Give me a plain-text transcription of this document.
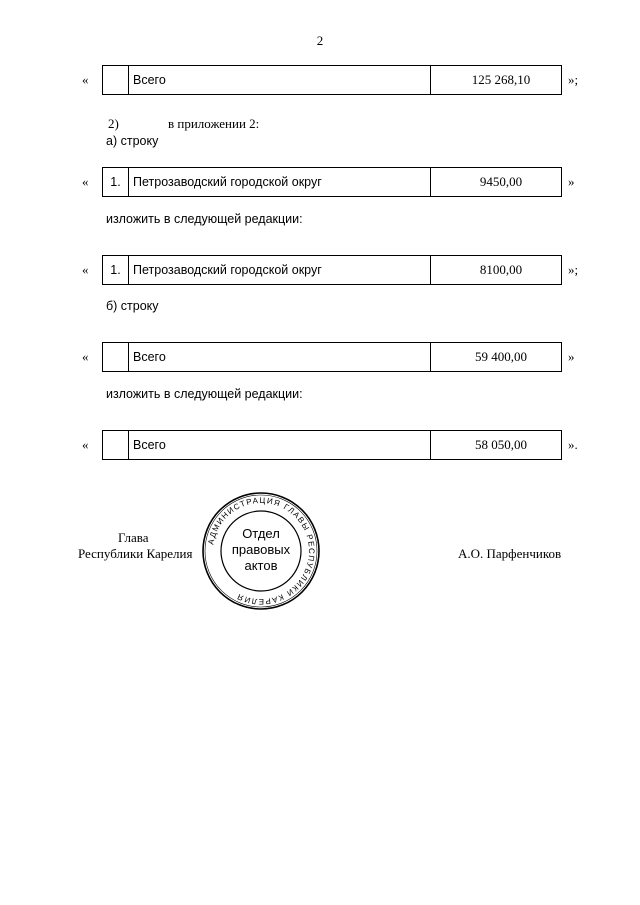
2
«	Всего	125 268,10	»;
2)	в приложении 2:
а) строку
«	1. Петрозаводский городской округ	9450,00	»
изложить в следующей редакции:
«	1. Петрозаводский городской округ	8100,00	»;
б) строку
«	Всего	59 400,00	»
изложить в следующей редакции:
«	Всего	58 050,00	».
Глава
Республики Карелия	А.О. Парфенчиков
АДМИНИСТРАЦИЯ ГЛАВЫ РЕСПУБЛИКИ КАРЕЛИЯ
Отдел
правовых
актов
